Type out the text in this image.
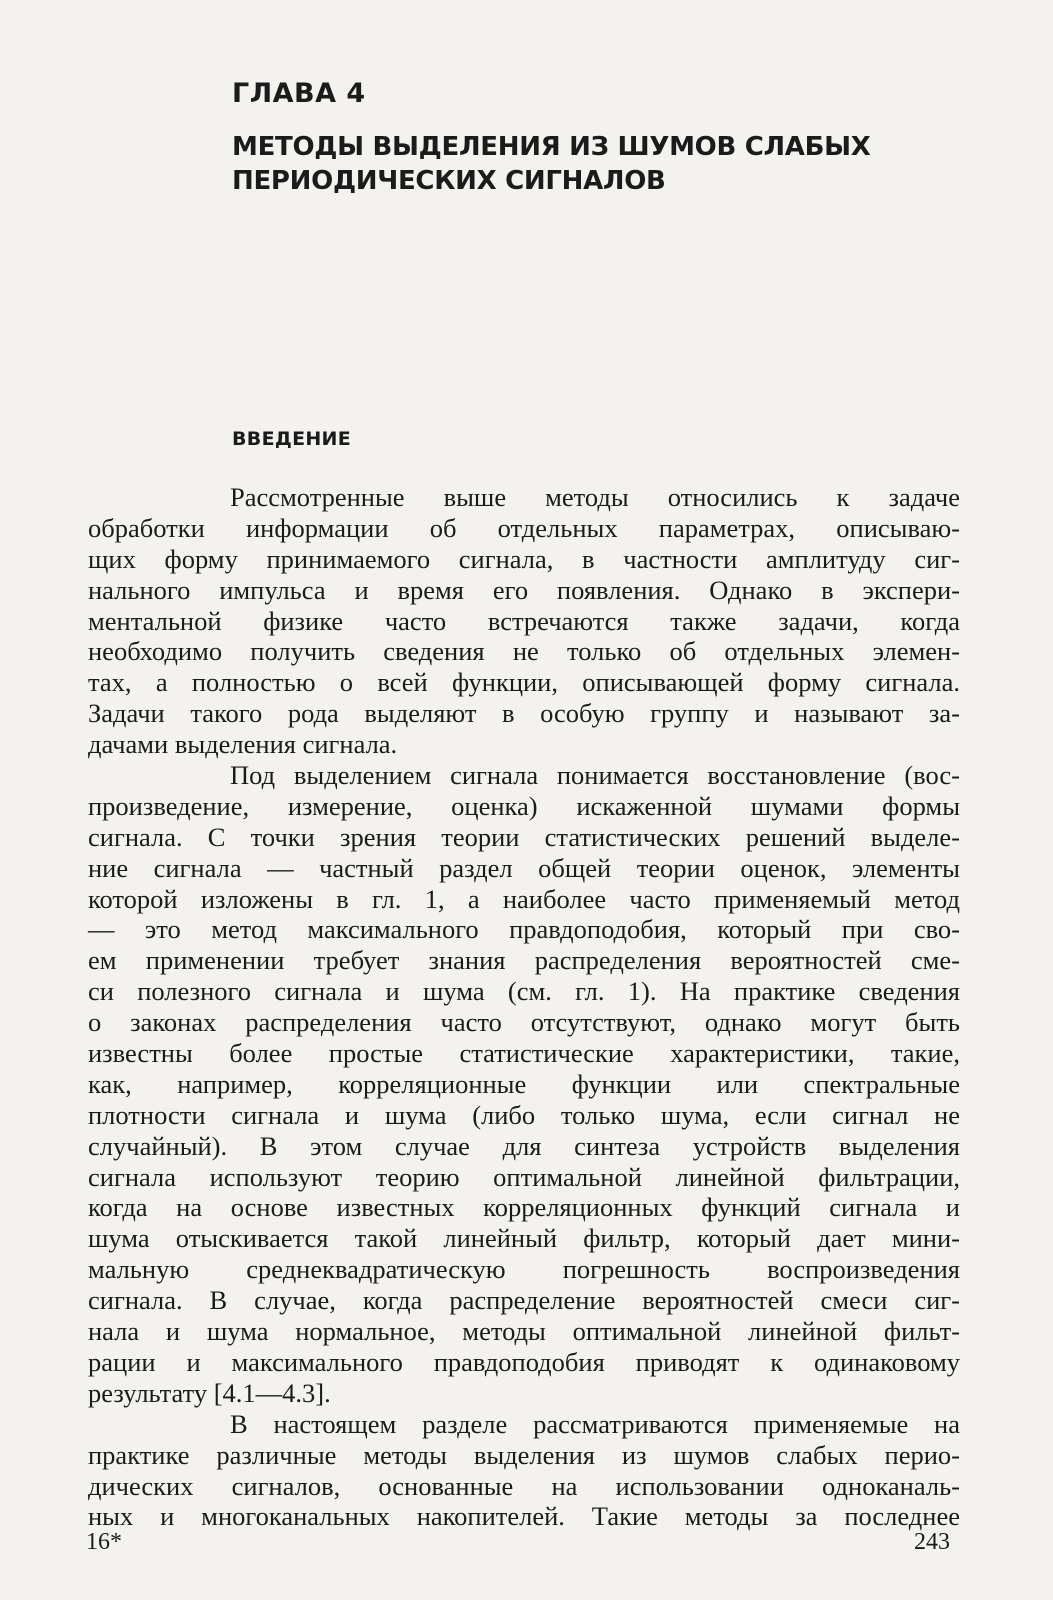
ГЛАВА 4
МЕТОДЫ ВЫДЕЛЕНИЯ ИЗ ШУМОВ СЛАБЫХ
ПЕРИОДИЧЕСКИХ СИГНАЛОВ
ВВЕДЕНИЕ
Рассмотренные выше методы относились к задаче
обработки информации об отдельных параметрах, описываю-
щих форму принимаемого сигнала, в частности амплитуду сиг-
нального импульса и время его появления. Однако в экспери-
ментальной физике часто встречаются также задачи, когда
необходимо получить сведения не только об отдельных элемен-
тах, а полностью о всей функции, описывающей форму сигнала.
Задачи такого рода выделяют в особую группу и называют за-
дачами выделения сигнала.
Под выделением сигнала понимается восстановление (вос-
произведение, измерение, оценка) искаженной шумами формы
сигнала. С точки зрения теории статистических решений выделе-
ние сигнала — частный раздел общей теории оценок, элементы
которой изложены в гл. 1, а наиболее часто применяемый метод
— это метод максимального правдоподобия, который при сво-
ем применении требует знания распределения вероятностей сме-
си полезного сигнала и шума (см. гл. 1). На практике сведения
о законах распределения часто отсутствуют, однако могут быть
известны более простые статистические характеристики, такие,
как, например, корреляционные функции или спектральные
плотности сигнала и шума (либо только шума, если сигнал не
случайный). В этом случае для синтеза устройств выделения
сигнала используют теорию оптимальной линейной фильтрации,
когда на основе известных корреляционных функций сигнала и
шума отыскивается такой линейный фильтр, который дает мини-
мальную среднеквадратическую погрешность воспроизведения
сигнала. В случае, когда распределение вероятностей смеси сиг-
нала и шума нормальное, методы оптимальной линейной фильт-
рации и максимального правдоподобия приводят к одинаковому
результату [4.1—4.3].
В настоящем разделе рассматриваются применяемые на
практике различные методы выделения из шумов слабых перио-
дических сигналов, основанные на использовании одноканаль-
ных и многоканальных накопителей. Такие методы за последнее
16*	243
